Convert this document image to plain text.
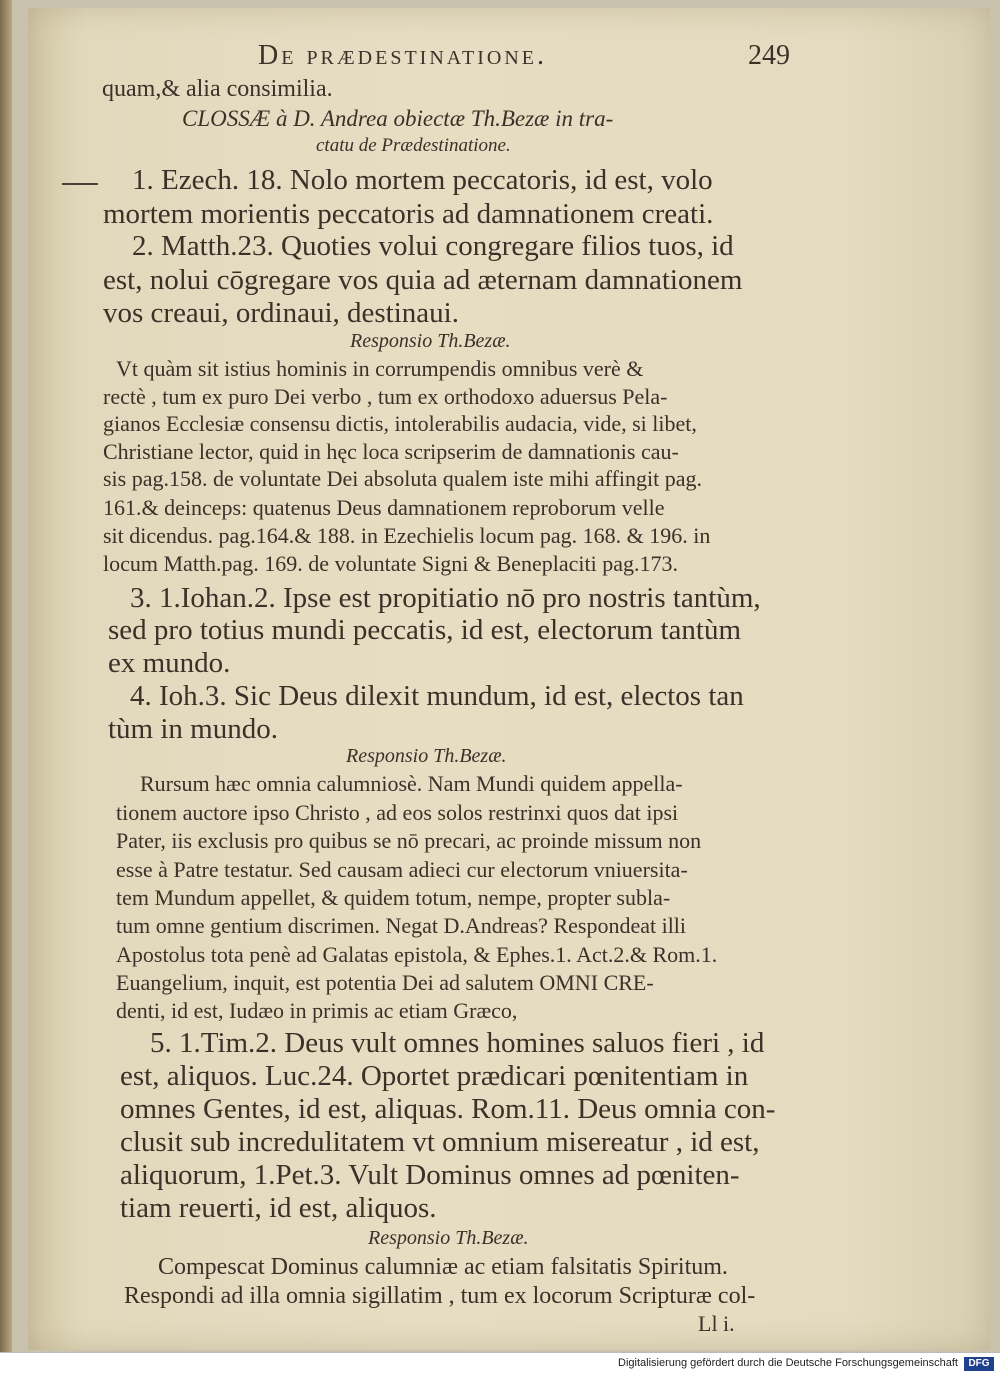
De prædestinatione.	249
quam,& alia consimilia.
CLOSSÆ à D. Andrea obiectæ Th.Bezæ in tra-
ctatu de Prædestinatione.
1. Ezech. 18. Nolo mortem peccatoris, id est, volo
mortem morientis peccatoris ad damnationem creati.
2. Matth.23. Quoties volui congregare filios tuos, id
est, nolui cōgregare vos quia ad æternam damnationem
vos creaui, ordinaui, destinaui.
Responsio Th.Bezæ.
Vt quàm sit istius hominis in corrumpendis omnibus verè &
rectè , tum ex puro Dei verbo , tum ex orthodoxo aduersus Pela-
gianos Ecclesiæ consensu dictis, intolerabilis audacia, vide, si libet,
Christiane lector, quid in hęc loca scripserim de damnationis cau-
sis pag.158. de voluntate Dei absoluta qualem iste mihi affingit pag.
161.& deinceps: quatenus Deus damnationem reproborum velle
sit dicendus. pag.164.& 188. in Ezechielis locum pag. 168. & 196. in
locum Matth.pag. 169. de voluntate Signi & Beneplaciti pag.173.
3. 1.Iohan.2. Ipse est propitiatio nō pro nostris tantùm,
sed pro totius mundi peccatis, id est, electorum tantùm
ex mundo.
4. Ioh.3. Sic Deus dilexit mundum, id est, electos tan
tùm in mundo.
Responsio Th.Bezæ.
Rursum hæc omnia calumniosè. Nam Mundi quidem appella-
tionem auctore ipso Christo , ad eos solos restrinxi quos dat ipsi
Pater, iis exclusis pro quibus se nō precari, ac proinde missum non
esse à Patre testatur. Sed causam adieci cur electorum vniuersita-
tem Mundum appellet, & quidem totum, nempe, propter subla-
tum omne gentium discrimen. Negat D.Andreas? Respondeat illi
Apostolus tota penè ad Galatas epistola, & Ephes.1. Act.2.& Rom.1.
Euangelium, inquit, est potentia Dei ad salutem OMNI CRE-
denti, id est, Iudæo in primis ac etiam Græco,
5. 1.Tim.2. Deus vult omnes homines saluos fieri , id
est, aliquos. Luc.24. Oportet prædicari pœnitentiam in
omnes Gentes, id est, aliquas. Rom.11. Deus omnia con-
clusit sub incredulitatem vt omnium misereatur , id est,
aliquorum, 1.Pet.3. Vult Dominus omnes ad pœniten-
tiam reuerti, id est, aliquos.
Responsio Th.Bezæ.
Compescat Dominus calumniæ ac etiam falsitatis Spiritum.
Respondi ad illa omnia sigillatim , tum ex locorum Scripturæ col-
Ll i.
Digitalisierung gefördert durch die Deutsche Forschungsgemeinschaft	DFG
